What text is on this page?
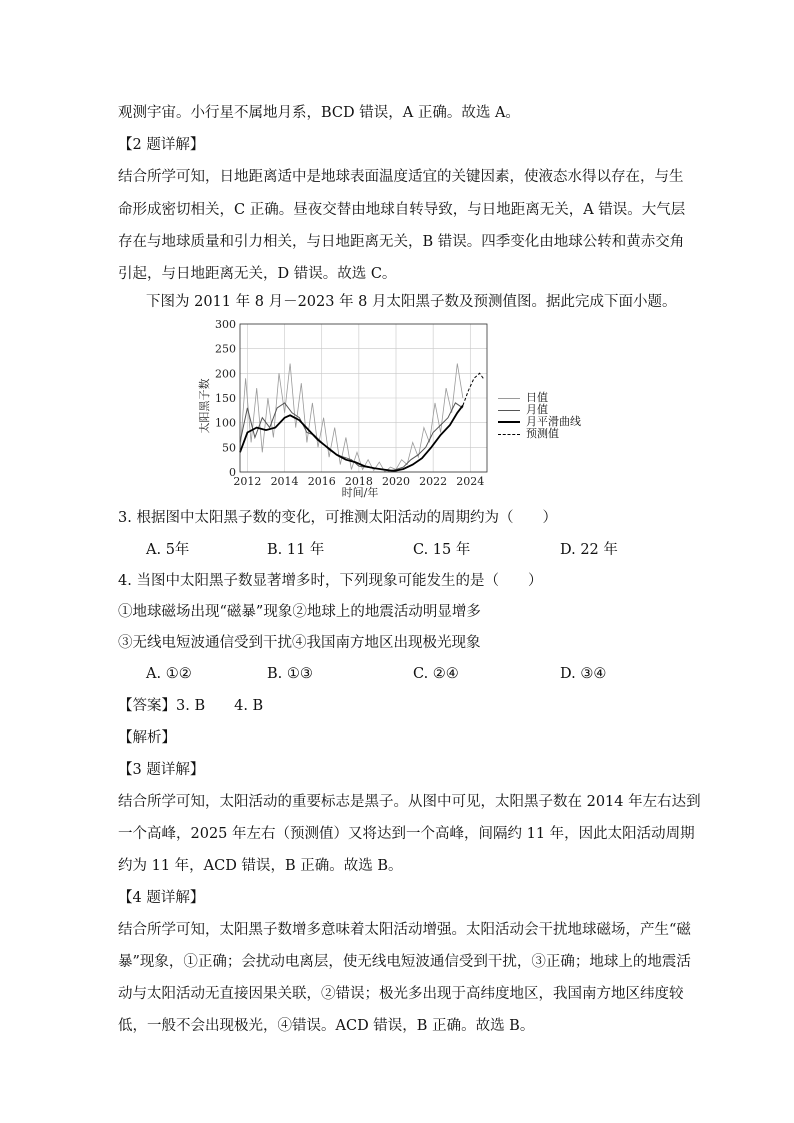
观测宇宙。小行星不属地月系，BCD 错误，A 正确。故选 A。
【2 题详解】
结合所学可知，日地距离适中是地球表面温度适宜的关键因素，使液态水得以存在，与生
命形成密切相关，C 正确。昼夜交替由地球自转导致，与日地距离无关，A 错误。大气层
存在与地球质量和引力相关，与日地距离无关，B 错误。四季变化由地球公转和黄赤交角
引起，与日地距离无关，D 错误。故选 C。
下图为 2011 年 8 月－2023 年 8 月太阳黑子数及预测值图。据此完成下面小题。
0
50
100
150
200
250
300
2012 2014 2016 2018 2020 2022 2024
太阳黑子数
时间/年
3. 根据图中太阳黑子数的变化，可推测太阳活动的周期约为（　　）
A. 5年	B. 11 年	C. 15 年	D. 22 年
4. 当图中太阳黑子数显著增多时，下列现象可能发生的是（　　）
①地球磁场出现“磁暴”现象②地球上的地震活动明显增多
③无线电短波通信受到干扰④我国南方地区出现极光现象
A. ①②	B. ①③	C. ②④	D. ③④
【答案】3. B　　4. B
【解析】
【3 题详解】
结合所学可知，太阳活动的重要标志是黑子。从图中可见，太阳黑子数在 2014 年左右达到
一个高峰，2025 年左右（预测值）又将达到一个高峰，间隔约 11 年，因此太阳活动周期
约为 11 年，ACD 错误，B 正确。故选 B。
【4 题详解】
结合所学可知，太阳黑子数增多意味着太阳活动增强。太阳活动会干扰地球磁场，产生“磁
暴”现象，①正确；会扰动电离层，使无线电短波通信受到干扰，③正确；地球上的地震活
动与太阳活动无直接因果关联，②错误；极光多出现于高纬度地区，我国南方地区纬度较
低，一般不会出现极光，④错误。ACD 错误，B 正确。故选 B。
日值
月值
月平滑曲线
预测值
